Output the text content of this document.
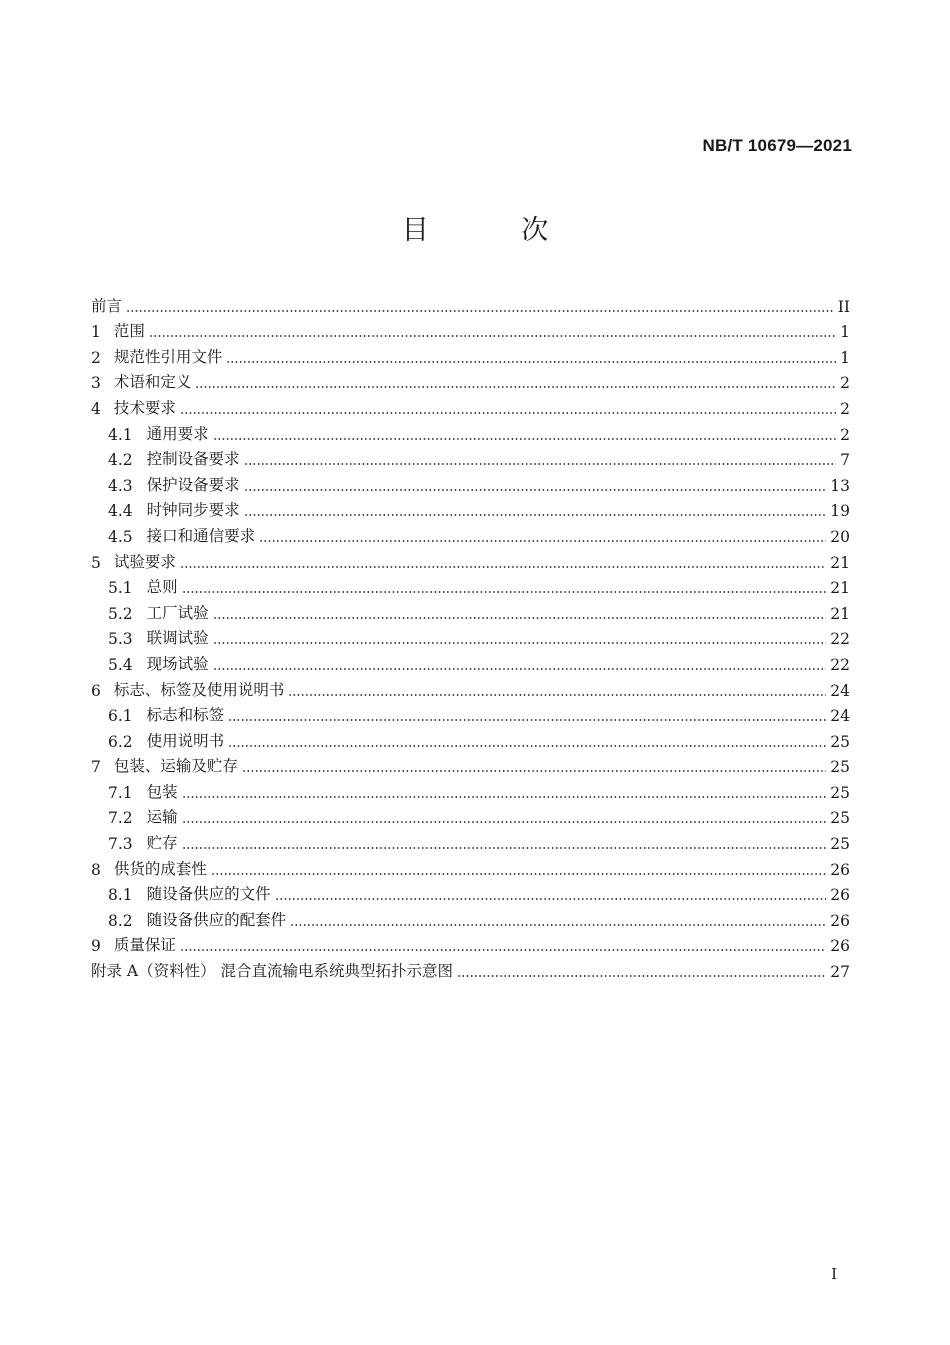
NB/T 10679—2021
目 次
前言	II
1 范围	1
2 规范性引用文件	1
3 术语和定义	2
4 技术要求	2
4.1 通用要求	2
4.2 控制设备要求	7
4.3 保护设备要求	13
4.4 时钟同步要求	19
4.5 接口和通信要求	20
5 试验要求	21
5.1 总则	21
5.2 工厂试验	21
5.3 联调试验	22
5.4 现场试验	22
6 标志、标签及使用说明书	24
6.1 标志和标签	24
6.2 使用说明书	25
7 包装、运输及贮存	25
7.1 包装	25
7.2 运输	25
7.3 贮存	25
8 供货的成套性	26
8.1 随设备供应的文件	26
8.2 随设备供应的配套件	26
9 质量保证	26
附录 A（资料性） 混合直流输电系统典型拓扑示意图	27
I
